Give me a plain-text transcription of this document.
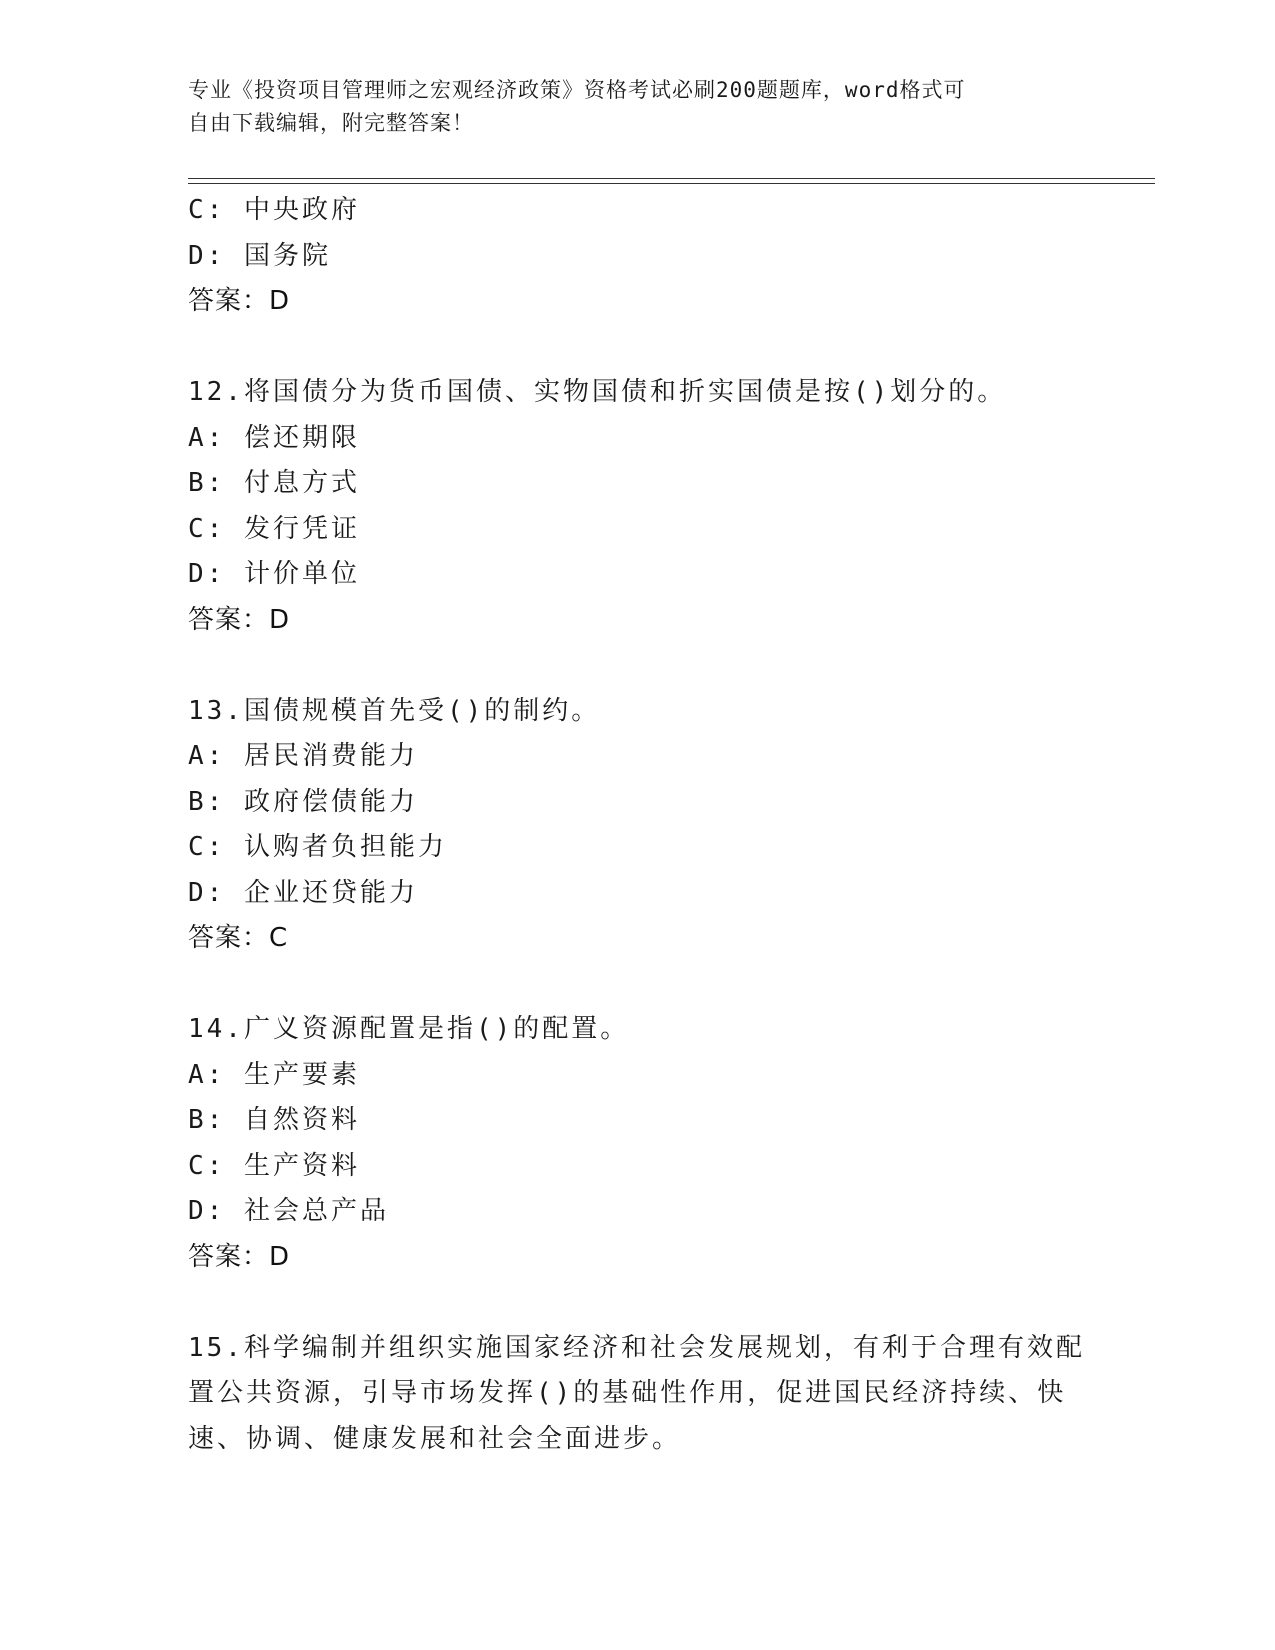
专业《投资项目管理师之宏观经济政策》资格考试必刷200题题库，word格式可
自由下载编辑，附完整答案！
C: 中央政府
D: 国务院
答案：D
12.将国债分为货币国债、实物国债和折实国债是按()划分的。
A: 偿还期限
B: 付息方式
C: 发行凭证
D: 计价单位
答案：D
13.国债规模首先受()的制约。
A: 居民消费能力
B: 政府偿债能力
C: 认购者负担能力
D: 企业还贷能力
答案：C
14.广义资源配置是指()的配置。
A: 生产要素
B: 自然资料
C: 生产资料
D: 社会总产品
答案：D
15.科学编制并组织实施国家经济和社会发展规划，有利于合理有效配
置公共资源，引导市场发挥()的基础性作用，促进国民经济持续、快
速、协调、健康发展和社会全面进步。
